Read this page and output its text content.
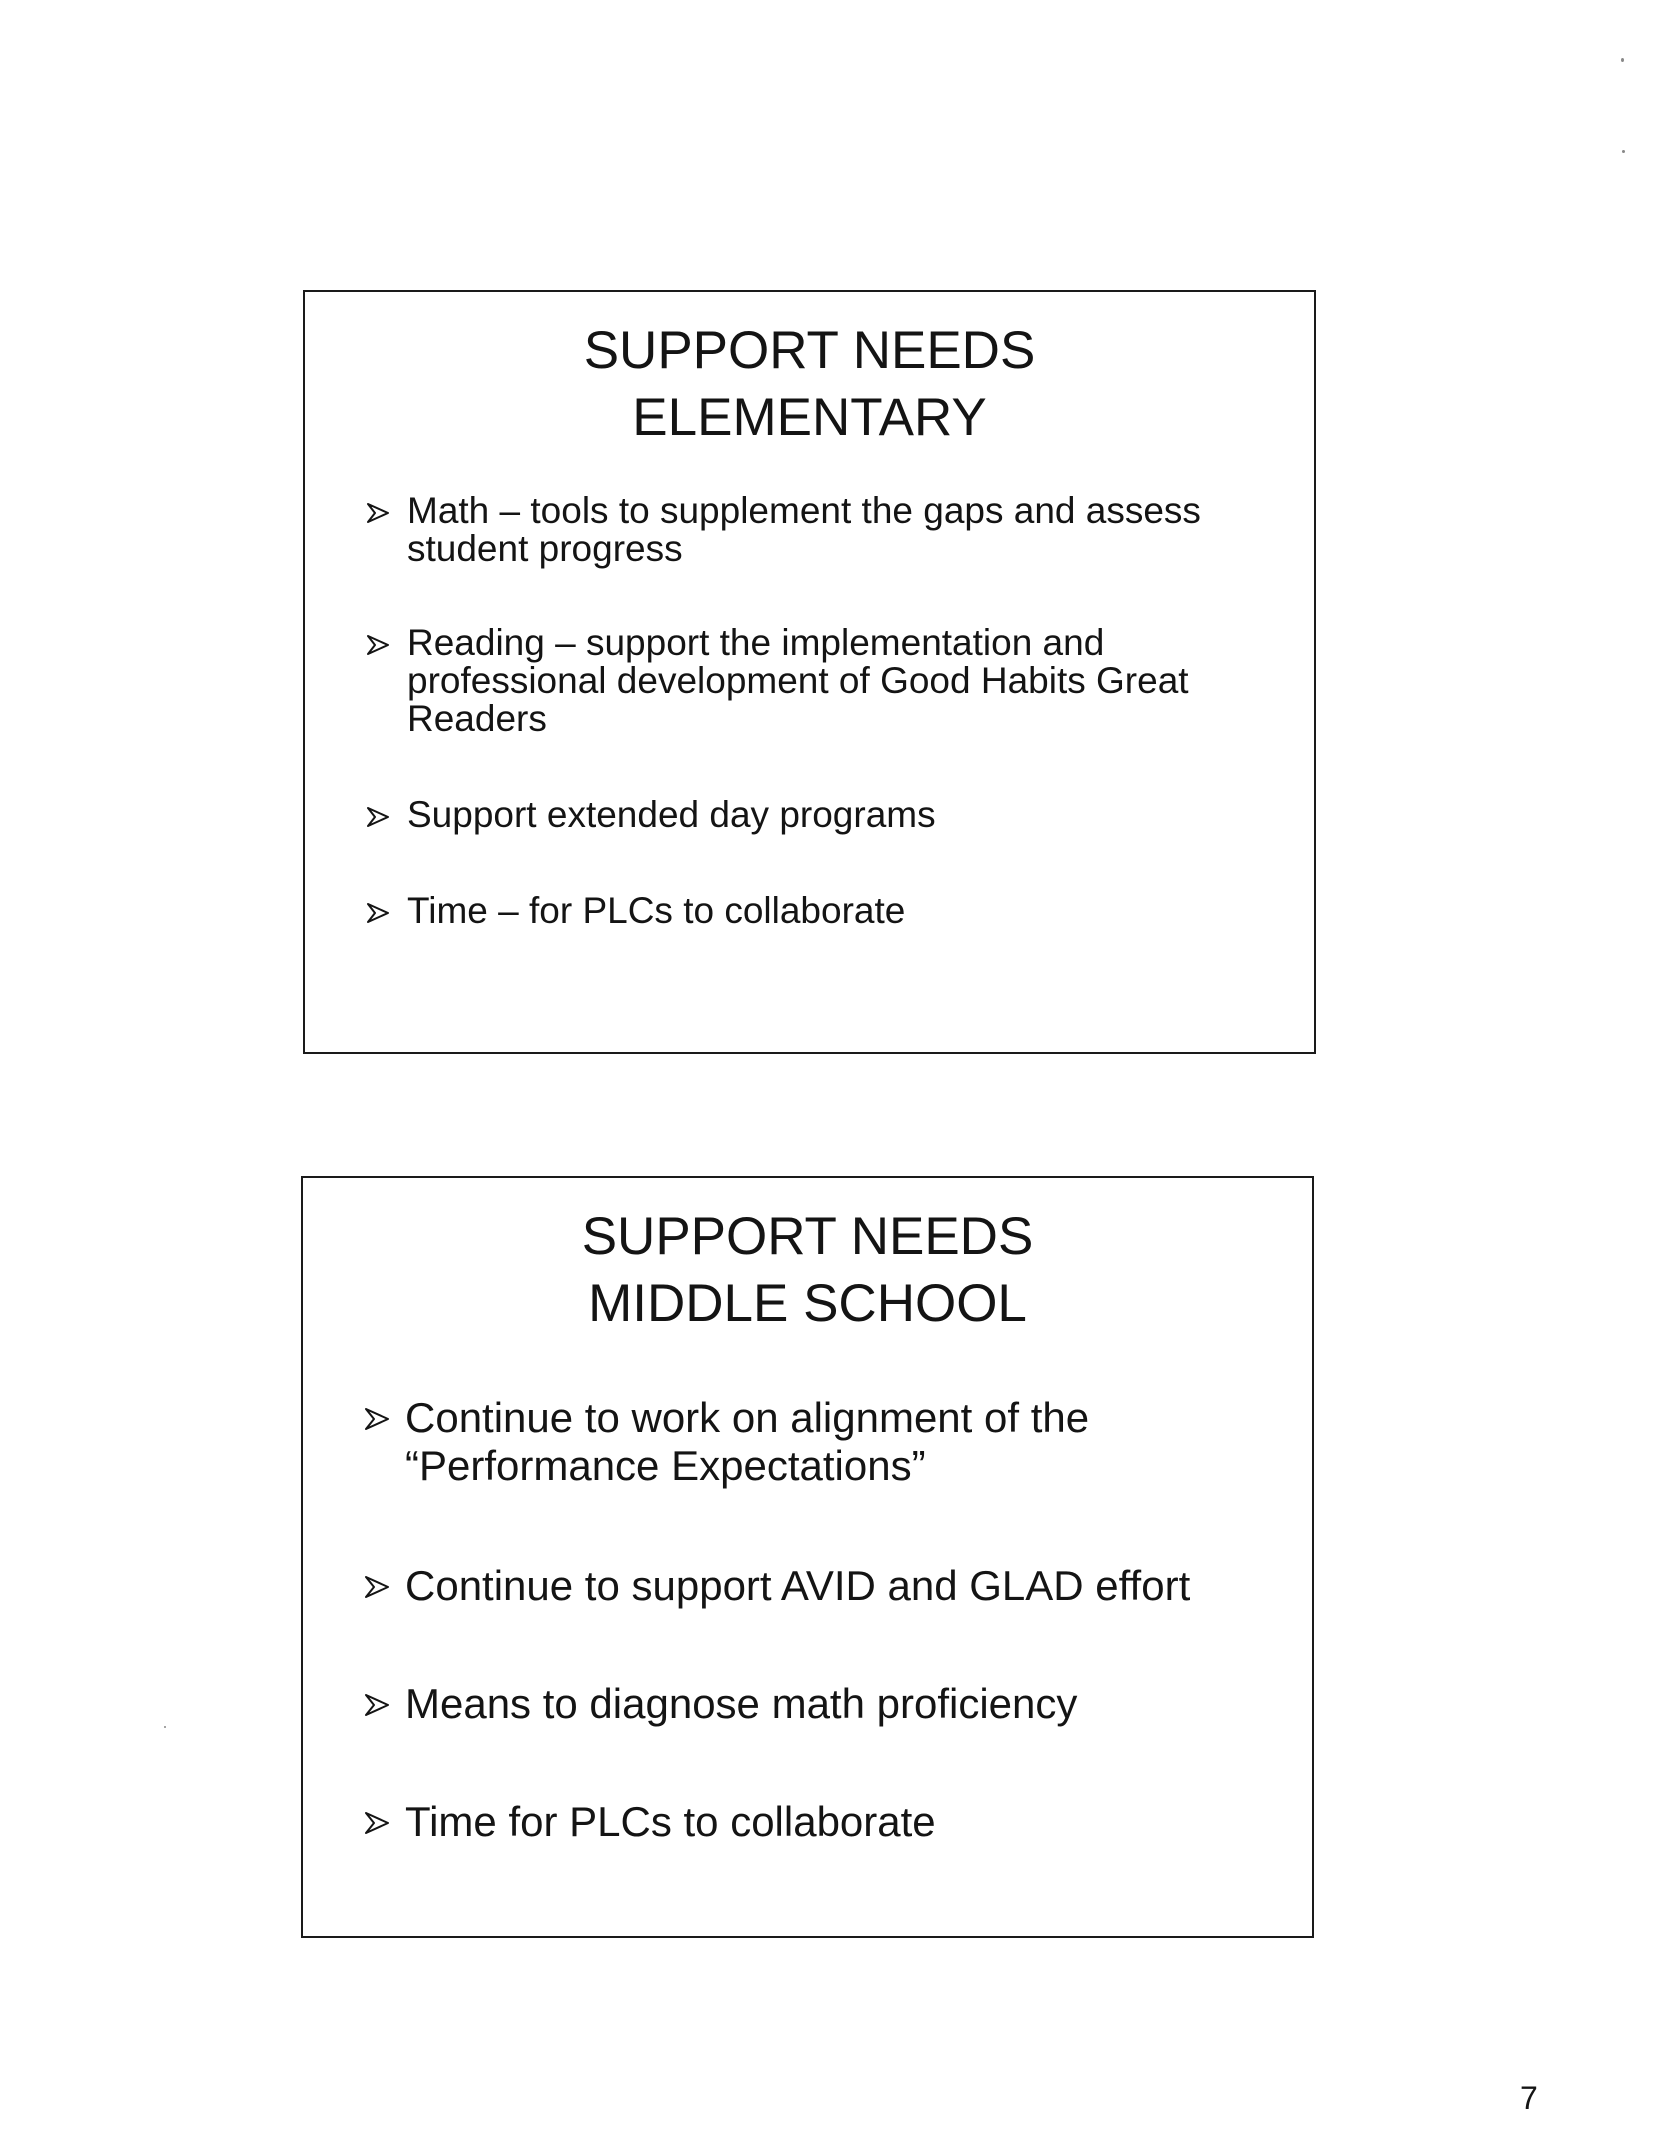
SUPPORT NEEDS
ELEMENTARY
Math – tools to supplement the gaps and assess student progress
Reading – support the implementation and professional development of Good Habits Great Readers
Support extended day programs
Time – for PLCs to collaborate
SUPPORT NEEDS
MIDDLE SCHOOL
Continue to work on alignment of the “Performance Expectations”
Continue to support AVID and GLAD effort
Means to diagnose math proficiency
Time for PLCs to collaborate
7
